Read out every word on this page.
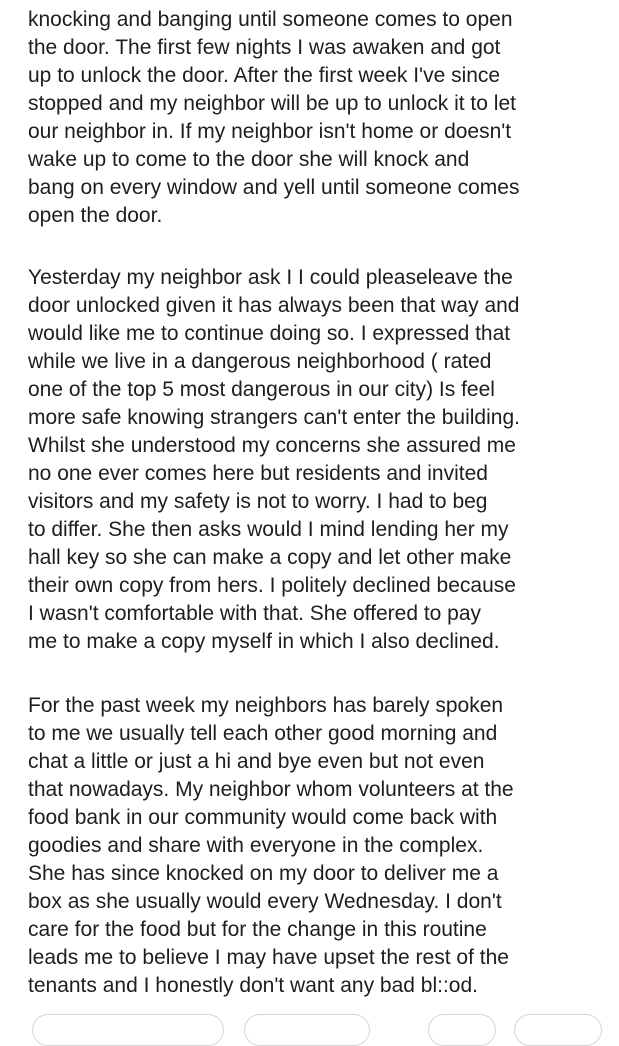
knocking and banging until someone comes to open
the door. The first few nights I was awaken and got
up to unlock the door. After the first week I've since
stopped and my neighbor will be up to unlock it to let
our neighbor in. If my neighbor isn't home or doesn't
wake up to come to the door she will knock and
bang on every window and yell until someone comes
open the door.
Yesterday my neighbor ask I I could pleaseleave the
door unlocked given it has always been that way and
would like me to continue doing so. I expressed that
while we live in a dangerous neighborhood ( rated
one of the top 5 most dangerous in our city) Is feel
more safe knowing strangers can't enter the building.
Whilst she understood my concerns she assured me
no one ever comes here but residents and invited
visitors and my safety is not to worry. I had to beg
to differ. She then asks would I mind lending her my
hall key so she can make a copy and let other make
their own copy from hers. I politely declined because
I wasn't comfortable with that. She offered to pay
me to make a copy myself in which I also declined.
For the past week my neighbors has barely spoken
to me we usually tell each other good morning and
chat a little or just a hi and bye even but not even
that nowadays. My neighbor whom volunteers at the
food bank in our community would come back with
goodies and share with everyone in the complex.
She has since knocked on my door to deliver me a
box as she usually would every Wednesday. I don't
care for the food but for the change in this routine
leads me to believe I may have upset the rest of the
tenants and I honestly don't want any bad bl::od.
